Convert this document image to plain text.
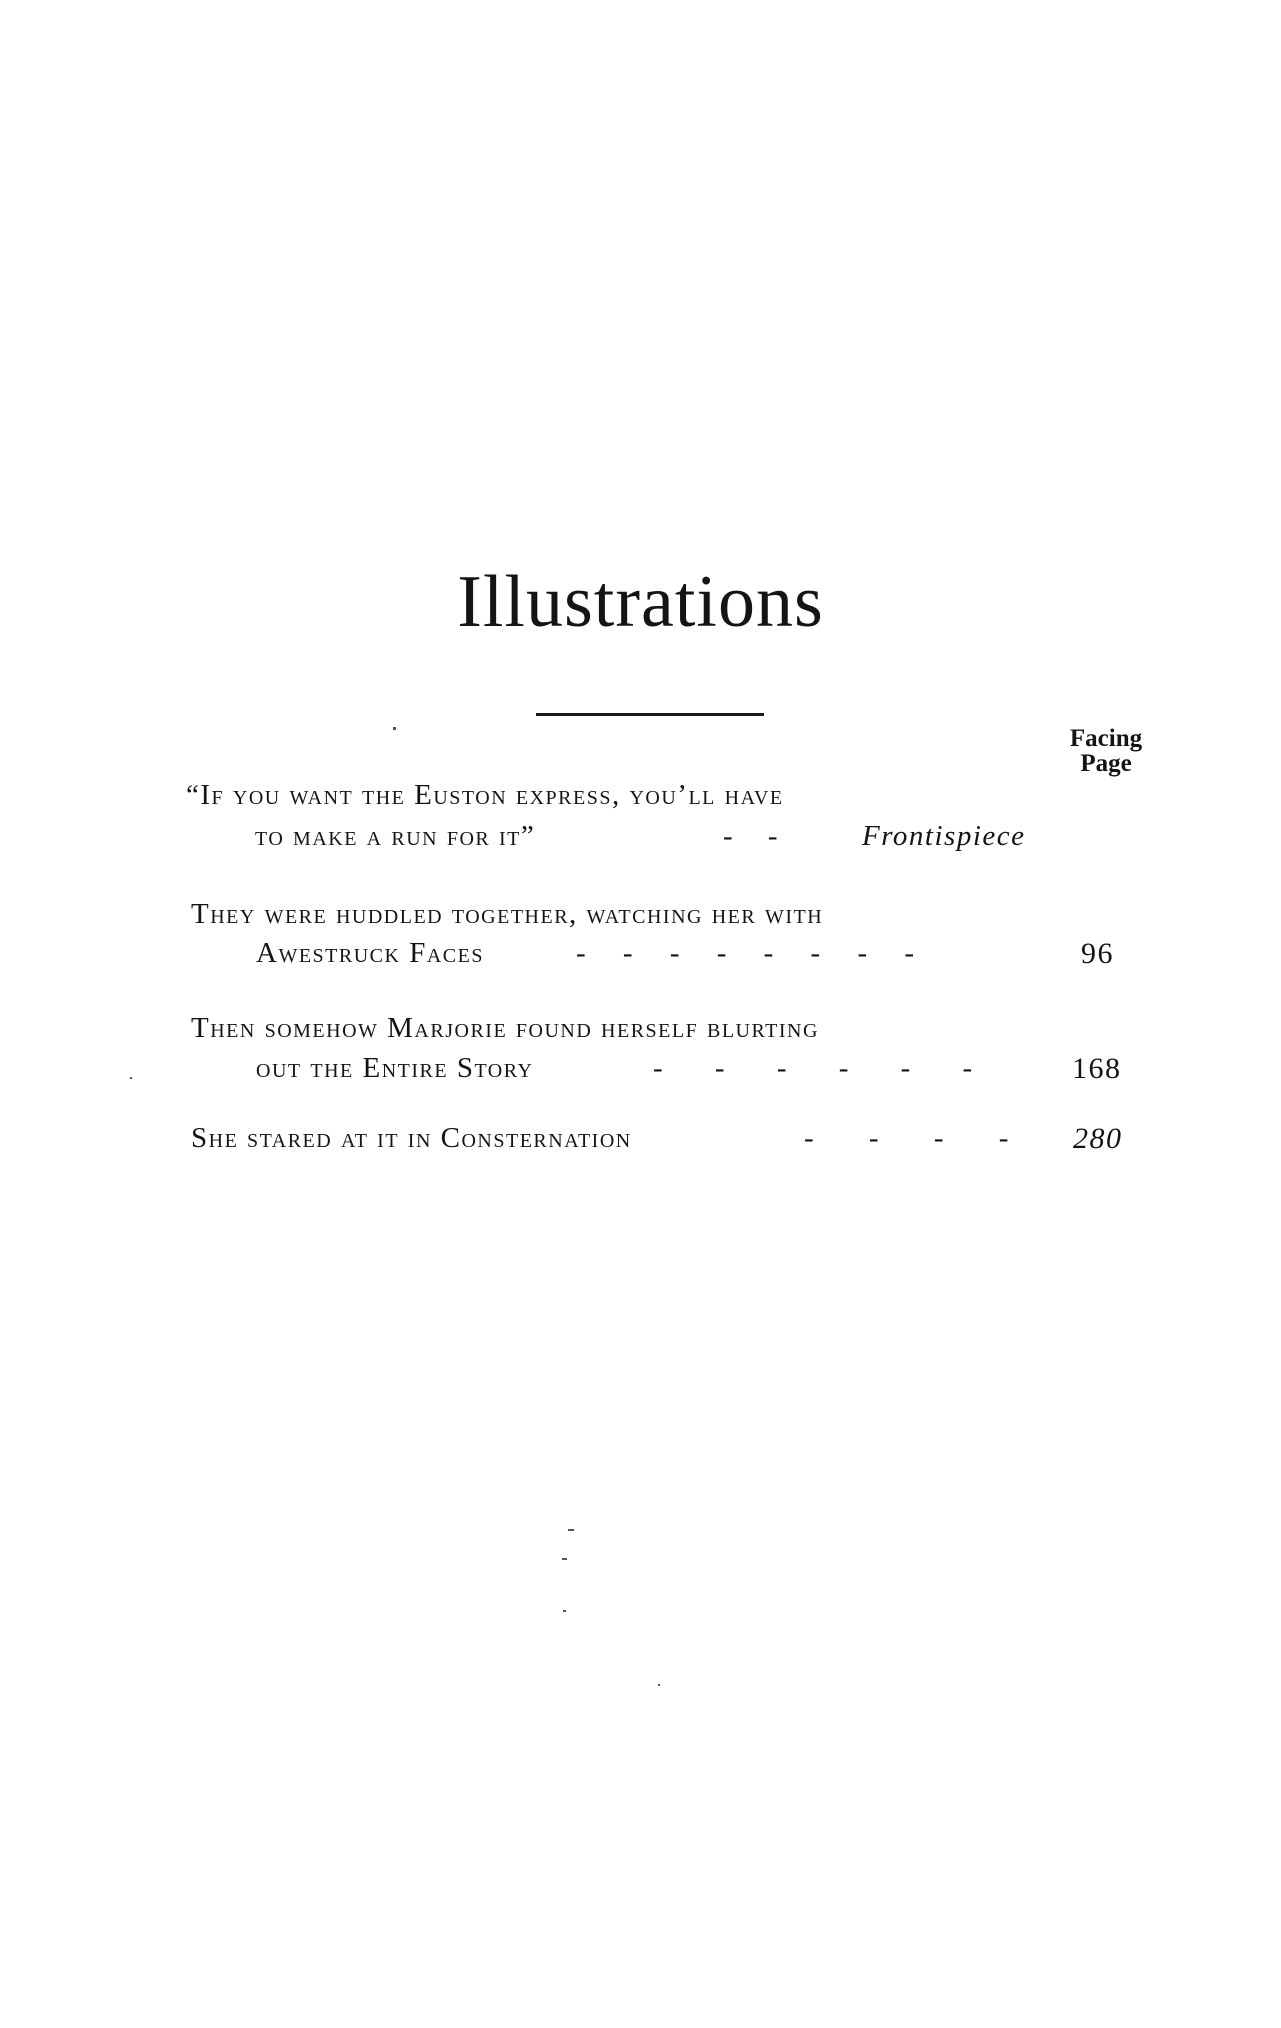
Illustrations
Facing
Page
“If you want the Euston express, you’ll have
to make a run for it”	- -	Frontispiece
They were huddled together, watching her with
Awestruck Faces	- - - - - - - -	96
Then somehow Marjorie found herself blurting
out the Entire Story	- - - - - -	168
She stared at it in Consternation	- - - - 280
